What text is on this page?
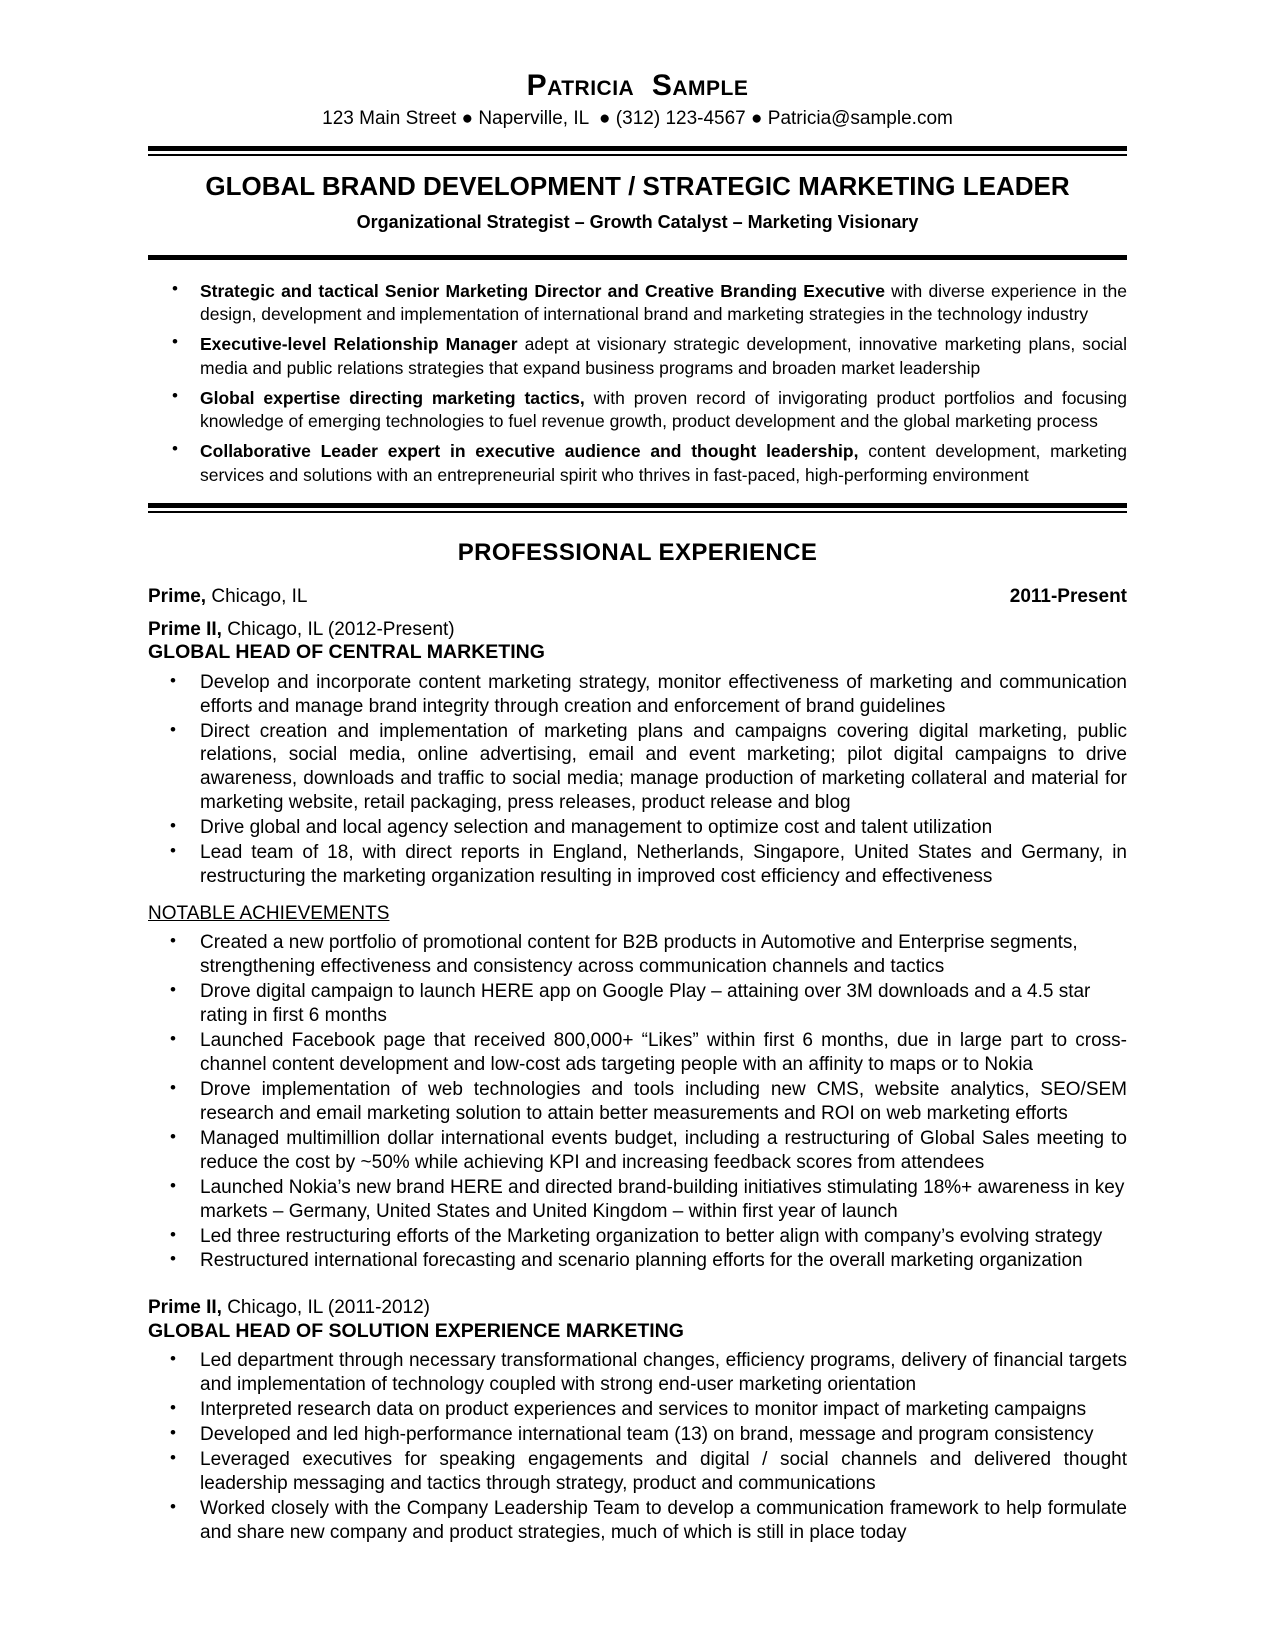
Patricia  Sample
123 Main Street ● Naperville, IL  ● (312) 123-4567 ● Patricia@sample.com
GLOBAL BRAND DEVELOPMENT / STRATEGIC MARKETING LEADER
Organizational Strategist – Growth Catalyst – Marketing Visionary
• Strategic and tactical Senior Marketing Director and Creative Branding Executive with diverse experience in the design, development and implementation of international brand and marketing strategies in the technology industry
• Executive-level Relationship Manager adept at visionary strategic development, innovative marketing plans, social media and public relations strategies that expand business programs and broaden market leadership
• Global expertise directing marketing tactics, with proven record of invigorating product portfolios and focusing knowledge of emerging technologies to fuel revenue growth, product development and the global marketing process
• Collaborative Leader expert in executive audience and thought leadership, content development, marketing services and solutions with an entrepreneurial spirit who thrives in fast-paced, high-performing environment
PROFESSIONAL EXPERIENCE
Prime, Chicago, IL	2011-Present
Prime II, Chicago, IL (2012-Present)
GLOBAL HEAD OF CENTRAL MARKETING
• Develop and incorporate content marketing strategy, monitor effectiveness of marketing and communication efforts and manage brand integrity through creation and enforcement of brand guidelines
• Direct creation and implementation of marketing plans and campaigns covering digital marketing, public relations, social media, online advertising, email and event marketing; pilot digital campaigns to drive awareness, downloads and traffic to social media; manage production of marketing collateral and material for marketing website, retail packaging, press releases, product release and blog
• Drive global and local agency selection and management to optimize cost and talent utilization
• Lead team of 18, with direct reports in England, Netherlands, Singapore, United States and Germany, in restructuring the marketing organization resulting in improved cost efficiency and effectiveness
NOTABLE ACHIEVEMENTS
• Created a new portfolio of promotional content for B2B products in Automotive and Enterprise segments, strengthening effectiveness and consistency across communication channels and tactics
• Drove digital campaign to launch HERE app on Google Play – attaining over 3M downloads and a 4.5 star rating in first 6 months
• Launched Facebook page that received 800,000+ “Likes” within first 6 months, due in large part to cross-channel content development and low-cost ads targeting people with an affinity to maps or to Nokia
• Drove implementation of web technologies and tools including new CMS, website analytics, SEO/SEM research and email marketing solution to attain better measurements and ROI on web marketing efforts
• Managed multimillion dollar international events budget, including a restructuring of Global Sales meeting to reduce the cost by ~50% while achieving KPI and increasing feedback scores from attendees
• Launched Nokia’s new brand HERE and directed brand-building initiatives stimulating 18%+ awareness in key markets – Germany, United States and United Kingdom – within first year of launch
• Led three restructuring efforts of the Marketing organization to better align with company’s evolving strategy
• Restructured international forecasting and scenario planning efforts for the overall marketing organization
Prime II, Chicago, IL (2011-2012)
GLOBAL HEAD OF SOLUTION EXPERIENCE MARKETING
• Led department through necessary transformational changes, efficiency programs, delivery of financial targets and implementation of technology coupled with strong end-user marketing orientation
• Interpreted research data on product experiences and services to monitor impact of marketing campaigns
• Developed and led high-performance international team (13) on brand, message and program consistency
• Leveraged executives for speaking engagements and digital / social channels and delivered thought leadership messaging and tactics through strategy, product and communications
• Worked closely with the Company Leadership Team to develop a communication framework to help formulate and share new company and product strategies, much of which is still in place today
